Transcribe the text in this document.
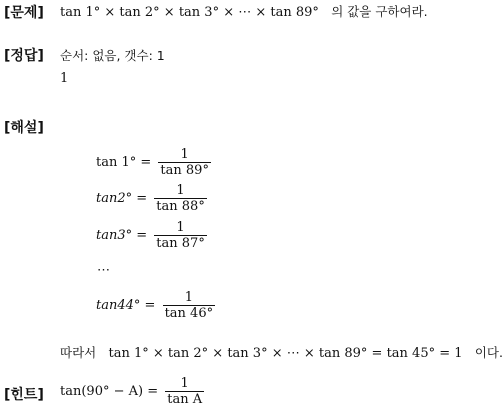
[문제] tan 1° × tan 2° × tan 3° × ⋯ × tan 89° 의 값을 구하여라.
[정답] 순서: 없음, 갯수: 1
1
[해설]
$\tan 1^\circ = \frac{1}{\tan 89^\circ}$
$\tan 2^\circ = \frac{1}{\tan 88^\circ}$
$\tan 3^\circ = \frac{1}{\tan 87^\circ}$
⋯
$\tan 44^\circ = \frac{1}{\tan 46^\circ}$
따라서 tan 1° × tan 2° × tan 3° × ⋯ × tan 89° = tan 45° = 1 이다.
[힌트] $\tan(90^\circ - A) = \frac{1}{\text{tan A}}$
